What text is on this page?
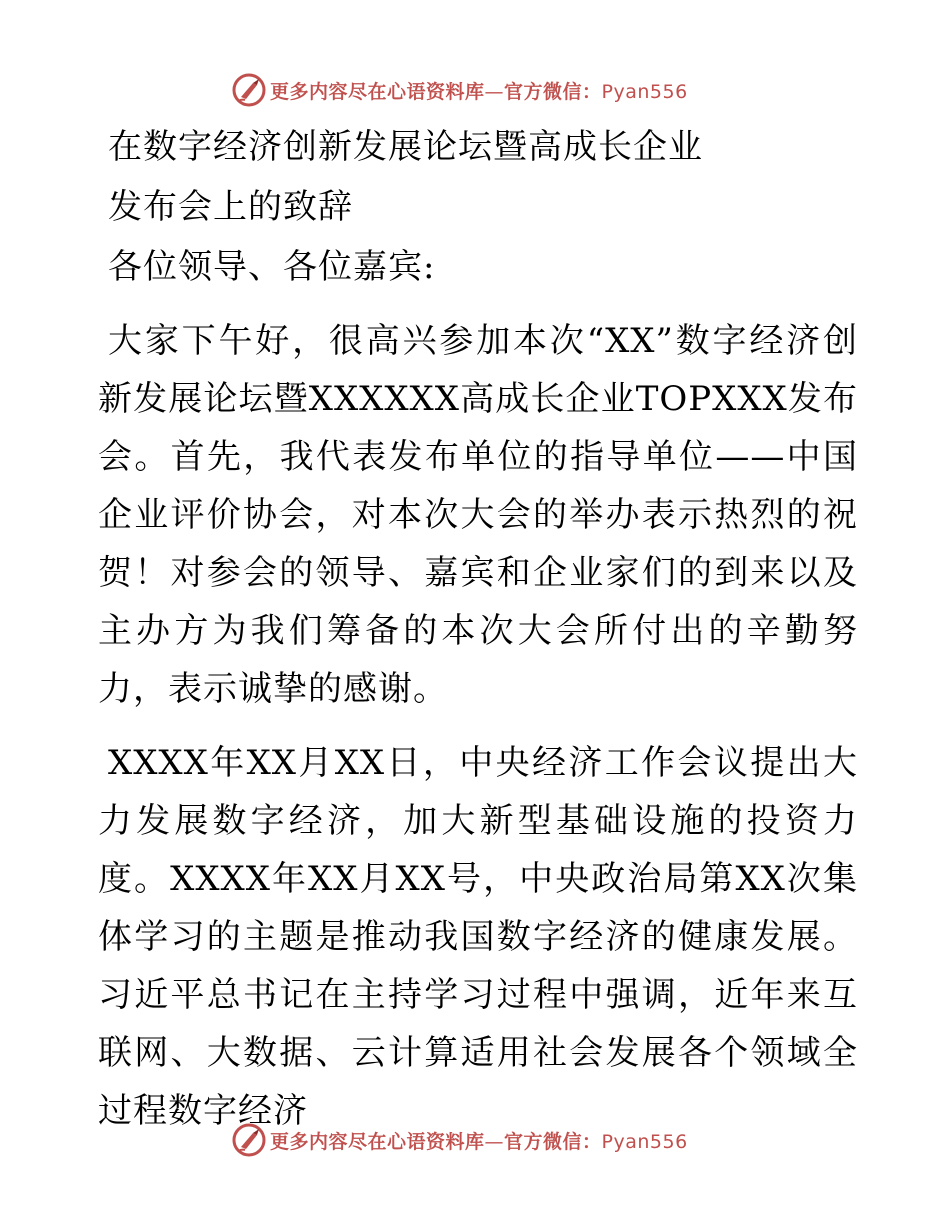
更多内容尽在心语资料库—官方微信：Pyan556

在数字经济创新发展论坛暨高成长企业

发布会上的致辞

各位领导、各位嘉宾:

大家下午好，很高兴参加本次“XX”数字经济创新发展论坛暨XXXXXX高成长企业TOPXXX发布会。首先，我代表发布单位的指导单位——中国企业评价协会，对本次大会的举办表示热烈的祝贺！对参会的领导、嘉宾和企业家们的到来以及主办方为我们筹备的本次大会所付出的辛勤努力，表示诚挚的感谢。

XXXX年XX月XX日，中央经济工作会议提出大力发展数字经济，加大新型基础设施的投资力度。XXXX年XX月XX号，中央政治局第XX次集体学习的主题是推动我国数字经济的健康发展。习近平总书记在主持学习过程中强调，近年来互联网、大数据、云计算适用社会发展各个领域全过程数字经济

更多内容尽在心语资料库—官方微信：Pyan556
